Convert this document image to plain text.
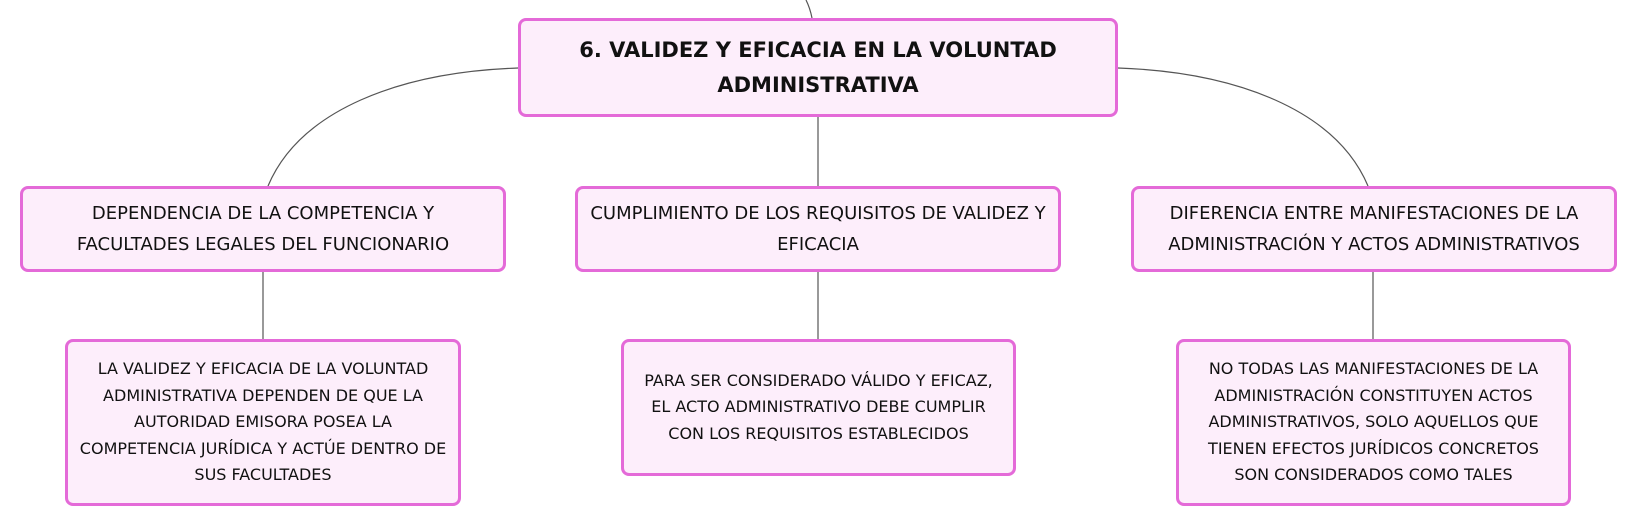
6. VALIDEZ Y EFICACIA EN LA VOLUNTAD ADMINISTRATIVA
DEPENDENCIA DE LA COMPETENCIA Y FACULTADES LEGALES DEL FUNCIONARIO
CUMPLIMIENTO DE LOS REQUISITOS DE VALIDEZ Y EFICACIA
DIFERENCIA ENTRE MANIFESTACIONES DE LA ADMINISTRACIÓN Y ACTOS ADMINISTRATIVOS
LA VALIDEZ Y EFICACIA DE LA VOLUNTAD ADMINISTRATIVA DEPENDEN DE QUE LA AUTORIDAD EMISORA POSEA LA COMPETENCIA JURÍDICA Y ACTÚE DENTRO DE SUS FACULTADES
PARA SER CONSIDERADO VÁLIDO Y EFICAZ, EL ACTO ADMINISTRATIVO DEBE CUMPLIR CON LOS REQUISITOS ESTABLECIDOS
NO TODAS LAS MANIFESTACIONES DE LA ADMINISTRACIÓN CONSTITUYEN ACTOS ADMINISTRATIVOS, SOLO AQUELLOS QUE TIENEN EFECTOS JURÍDICOS CONCRETOS SON CONSIDERADOS COMO TALES
